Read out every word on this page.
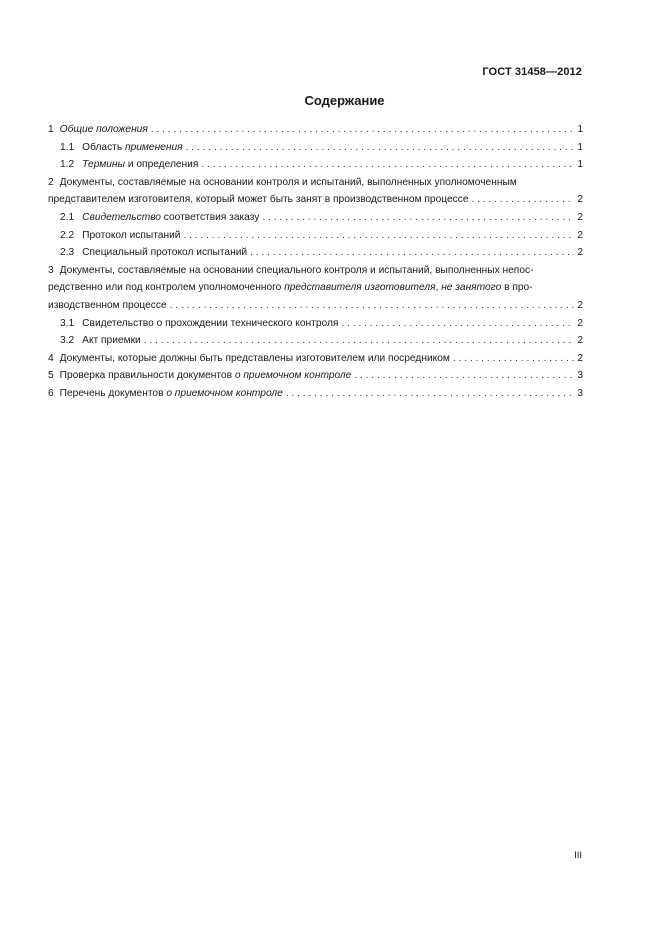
ГОСТ 31458—2012
Содержание
1 Общие положения . . .	1
1.1 Область применения . . .	1
1.2 Термины и определения . . .	1
2 Документы, составляемые на основании контроля и испытаний, выполненных уполномоченным
представителем изготовителя, который может быть занят в производственном процессе . . .	2
2.1 Свидетельство соответствия заказу . . .	2
2.2 Протокол испытаний . . .	2
2.3 Специальный протокол испытаний . . .	2
3 Документы, составляемые на основании специального контроля и испытаний, выполненных непос-
редственно или под контролем уполномоченного представителя изготовителя, не занятого в про-
изводственном процессе . . .	2
3.1 Свидетельство о прохождении технического контроля . . .	2
3.2 Акт приемки . . .	2
4 Документы, которые должны быть представлены изготовителем или посредником . . .	2
5 Проверка правильности документов о приемочном контроле . . .	3
6 Перечень документов о приемочном контроле . . .	3
III
